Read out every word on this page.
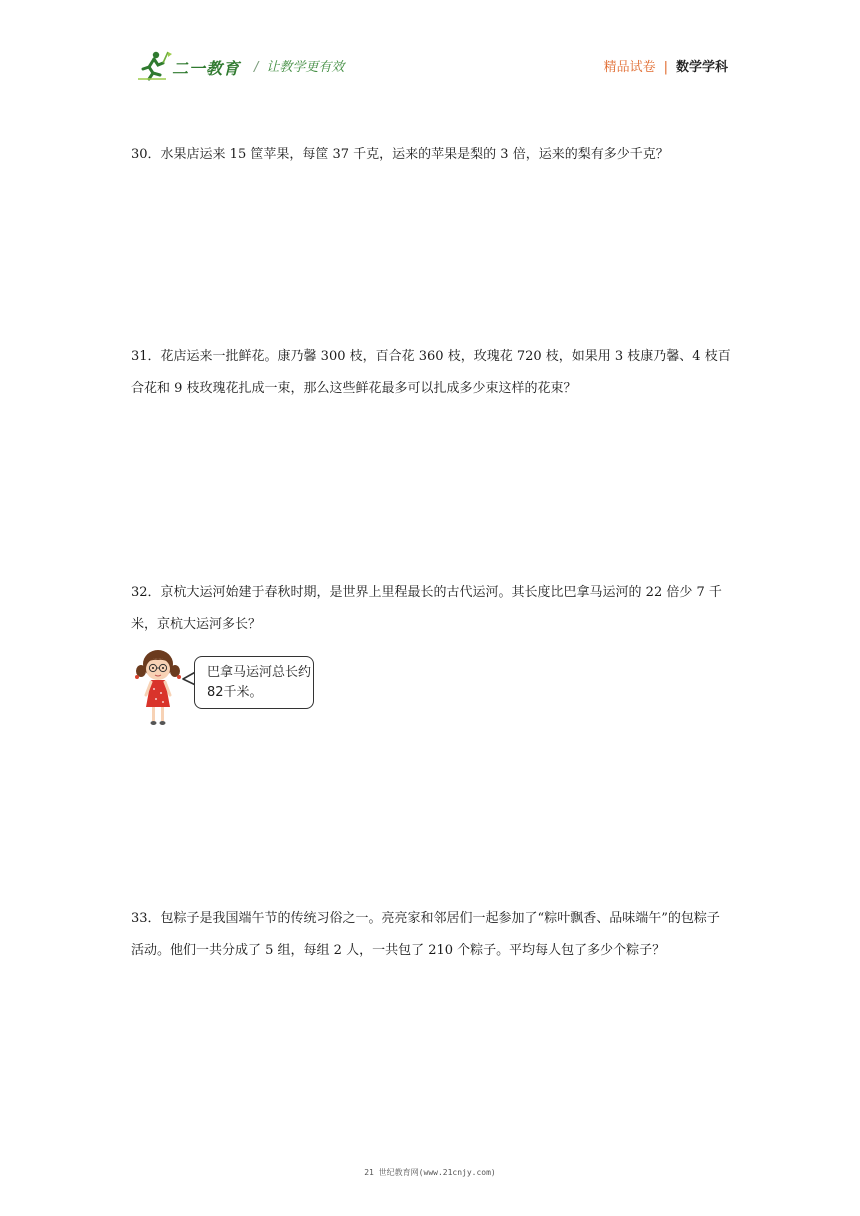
二一教育 / 让教学更有效	精品试卷 | 数学学科
30．水果店运来 15 筐苹果，每筐 37 千克，运来的苹果是梨的 3 倍，运来的梨有多少千克？
31．花店运来一批鲜花。康乃馨 300 枝，百合花 360 枝，玫瑰花 720 枝，如果用 3 枝康乃馨、4 枝百合花和 9 枝玫瑰花扎成一束，那么这些鲜花最多可以扎成多少束这样的花束？
32．京杭大运河始建于春秋时期，是世界上里程最长的古代运河。其长度比巴拿马运河的 22 倍少 7 千米，京杭大运河多长？
巴拿马运河总长约82千米。
33．包粽子是我国端午节的传统习俗之一。亮亮家和邻居们一起参加了“粽叶飘香、品味端午”的包粽子活动。他们一共分成了 5 组，每组 2 人，一共包了 210 个粽子。平均每人包了多少个粽子？
21 世纪教育网(www.21cnjy.com)
